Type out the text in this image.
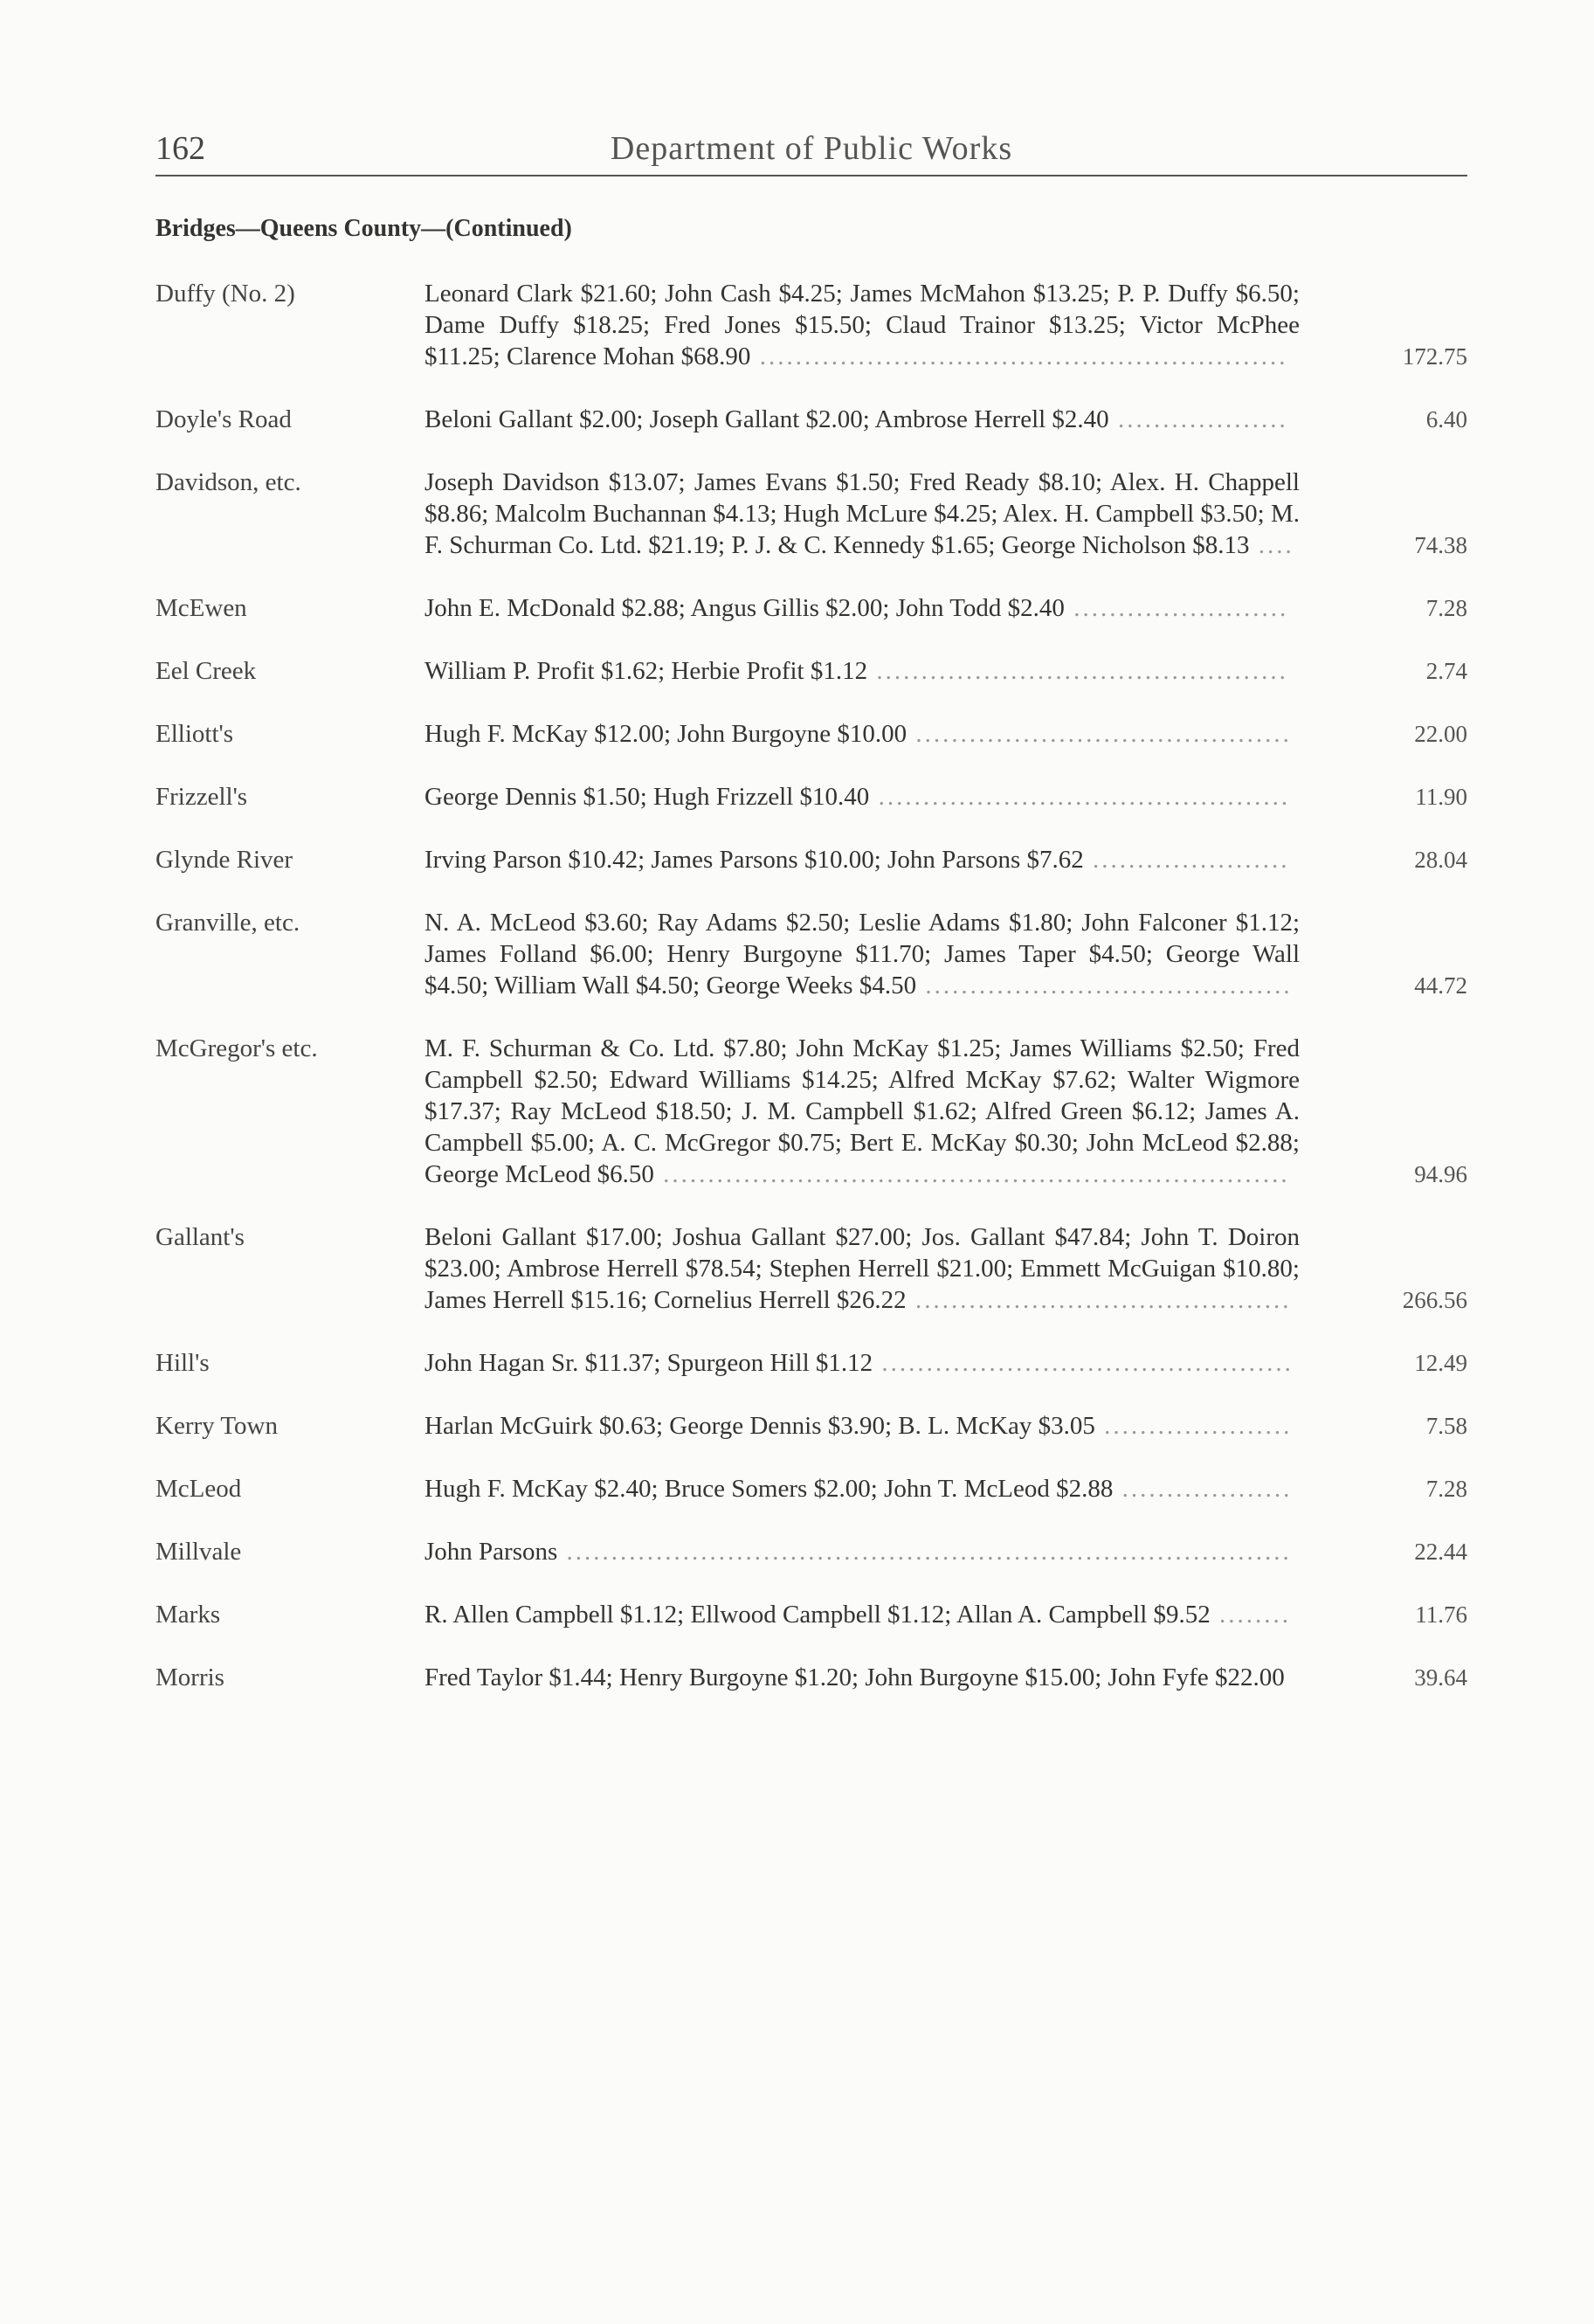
162	Department of Public Works
Bridges—Queens County—(Continued)
Duffy (No. 2)	Leonard Clark $21.60; John Cash $4.25; James McMahon $13.25; P. P. Duffy $6.50; Dame Duffy $18.25; Fred Jones $15.50; Claud Trainor $13.25; Victor McPhee $11.25; Clarence Mohan $68.90 ...........................................................	172.75
Doyle's Road	Beloni Gallant $2.00; Joseph Gallant $2.00; Ambrose Herrell $2.40 ...................	6.40
Davidson, etc.	Joseph Davidson $13.07; James Evans $1.50; Fred Ready $8.10; Alex. H. Chappell $8.86; Malcolm Buchannan $4.13; Hugh McLure $4.25; Alex. H. Campbell $3.50; M. F. Schurman Co. Ltd. $21.19; P. J. & C. Kennedy $1.65; George Nicholson $8.13 ....	74.38
McEwen	John E. McDonald $2.88; Angus Gillis $2.00; John Todd $2.40 ........................	7.28
Eel Creek	William P. Profit $1.62; Herbie Profit $1.12 ..............................................	2.74
Elliott's	Hugh F. McKay $12.00; John Burgoyne $10.00 ..........................................	22.00
Frizzell's	George Dennis $1.50; Hugh Frizzell $10.40 ..............................................	11.90
Glynde River	Irving Parson $10.42; James Parsons $10.00; John Parsons $7.62 ......................	28.04
Granville, etc.	N. A. McLeod $3.60; Ray Adams $2.50; Leslie Adams $1.80; John Falconer $1.12; James Folland $6.00; Henry Burgoyne $11.70; James Taper $4.50; George Wall $4.50; William Wall $4.50; George Weeks $4.50 .........................................	44.72
McGregor's etc.	M. F. Schurman & Co. Ltd. $7.80; John McKay $1.25; James Williams $2.50; Fred Campbell $2.50; Edward Williams $14.25; Alfred McKay $7.62; Walter Wigmore $17.37; Ray McLeod $18.50; J. M. Campbell $1.62; Alfred Green $6.12; James A. Campbell $5.00; A. C. McGregor $0.75; Bert E. McKay $0.30; John McLeod $2.88; George McLeod $6.50 ......................................................................	94.96
Gallant's	Beloni Gallant $17.00; Joshua Gallant $27.00; Jos. Gallant $47.84; John T. Doiron $23.00; Ambrose Herrell $78.54; Stephen Herrell $21.00; Emmett McGuigan $10.80; James Herrell $15.16; Cornelius Herrell $26.22 ..........................................	266.56
Hill's	John Hagan Sr. $11.37; Spurgeon Hill $1.12 ..............................................	12.49
Kerry Town	Harlan McGuirk $0.63; George Dennis $3.90; B. L. McKay $3.05 .....................	7.58
McLeod	Hugh F. McKay $2.40; Bruce Somers $2.00; John T. McLeod $2.88 ...................	7.28
Millvale	John Parsons .................................................................................	22.44
Marks	R. Allen Campbell $1.12; Ellwood Campbell $1.12; Allan A. Campbell $9.52 ........	11.76
Morris	Fred Taylor $1.44; Henry Burgoyne $1.20; John Burgoyne $15.00; John Fyfe $22.00	39.64
